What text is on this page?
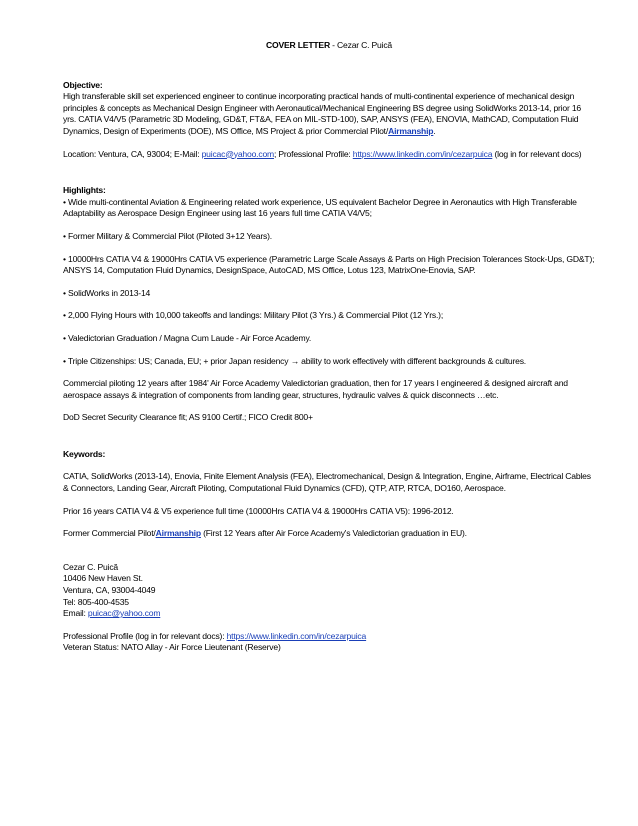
COVER LETTER - Cezar C. Puică

Objective:

High transferable skill set experienced engineer to continue incorporating practical hands of multi-continental experience of mechanical design principles & concepts as Mechanical Design Engineer with Aeronautical/Mechanical Engineering BS degree using SolidWorks 2013-14, prior 16 yrs. CATIA V4/V5 (Parametric 3D Modeling, GD&T, FT&A, FEA on MIL-STD-100), SAP, ANSYS (FEA), ENOVIA, MathCAD, Computation Fluid Dynamics, Design of Experiments (DOE), MS Office, MS Project & prior Commercial Pilot/Airmanship.

Location: Ventura, CA, 93004; E-Mail: puicac@yahoo.com; Professional Profile: https://www.linkedin.com/in/cezarpuica (log in for relevant docs)

Highlights:

• Wide multi-continental Aviation & Engineering related work experience, US equivalent Bachelor Degree in Aeronautics with High Transferable Adaptability as Aerospace Design Engineer using last 16 years full time CATIA V4/V5;

• Former Military & Commercial Pilot (Piloted 3+12 Years).

• 10000Hrs CATIA V4 & 19000Hrs CATIA V5 experience (Parametric Large Scale Assays & Parts on High Precision Tolerances Stock-Ups, GD&T); ANSYS 14, Computation Fluid Dynamics, DesignSpace, AutoCAD, MS Office, Lotus 123, MatrixOne-Enovia, SAP.

• SolidWorks in 2013-14

• 2,000 Flying Hours with 10,000 takeoffs and landings: Military Pilot (3 Yrs.) & Commercial Pilot (12 Yrs.);

• Valedictorian Graduation / Magna Cum Laude - Air Force Academy.

• Triple Citizenships: US; Canada, EU; + prior Japan residency → ability to work effectively with different backgrounds & cultures.

Commercial piloting 12 years after 1984' Air Force Academy Valedictorian graduation, then for 17 years I engineered & designed aircraft and aerospace assays & integration of components from landing gear, structures, hydraulic valves & quick disconnects …etc.

DoD Secret Security Clearance fit; AS 9100 Certif.; FICO Credit 800+

Keywords:

CATIA, SolidWorks (2013-14), Enovia, Finite Element Analysis (FEA), Electromechanical, Design & Integration, Engine, Airframe, Electrical Cables & Connectors, Landing Gear, Aircraft Piloting, Computational Fluid Dynamics (CFD), QTP, ATP, RTCA, DO160, Aerospace.

Prior 16 years CATIA V4 & V5 experience full time (10000Hrs CATIA V4 & 19000Hrs CATIA V5): 1996-2012.

Former Commercial Pilot/Airmanship (First 12 Years after Air Force Academy's Valedictorian graduation in EU).

Cezar C. Puică

10406 New Haven St.

Ventura, CA, 93004-4049

Tel: 805-400-4535

Email: puicac@yahoo.com

Professional Profile (log in for relevant docs): https://www.linkedin.com/in/cezarpuica

Veteran Status: NATO Allay - Air Force Lieutenant (Reserve)
